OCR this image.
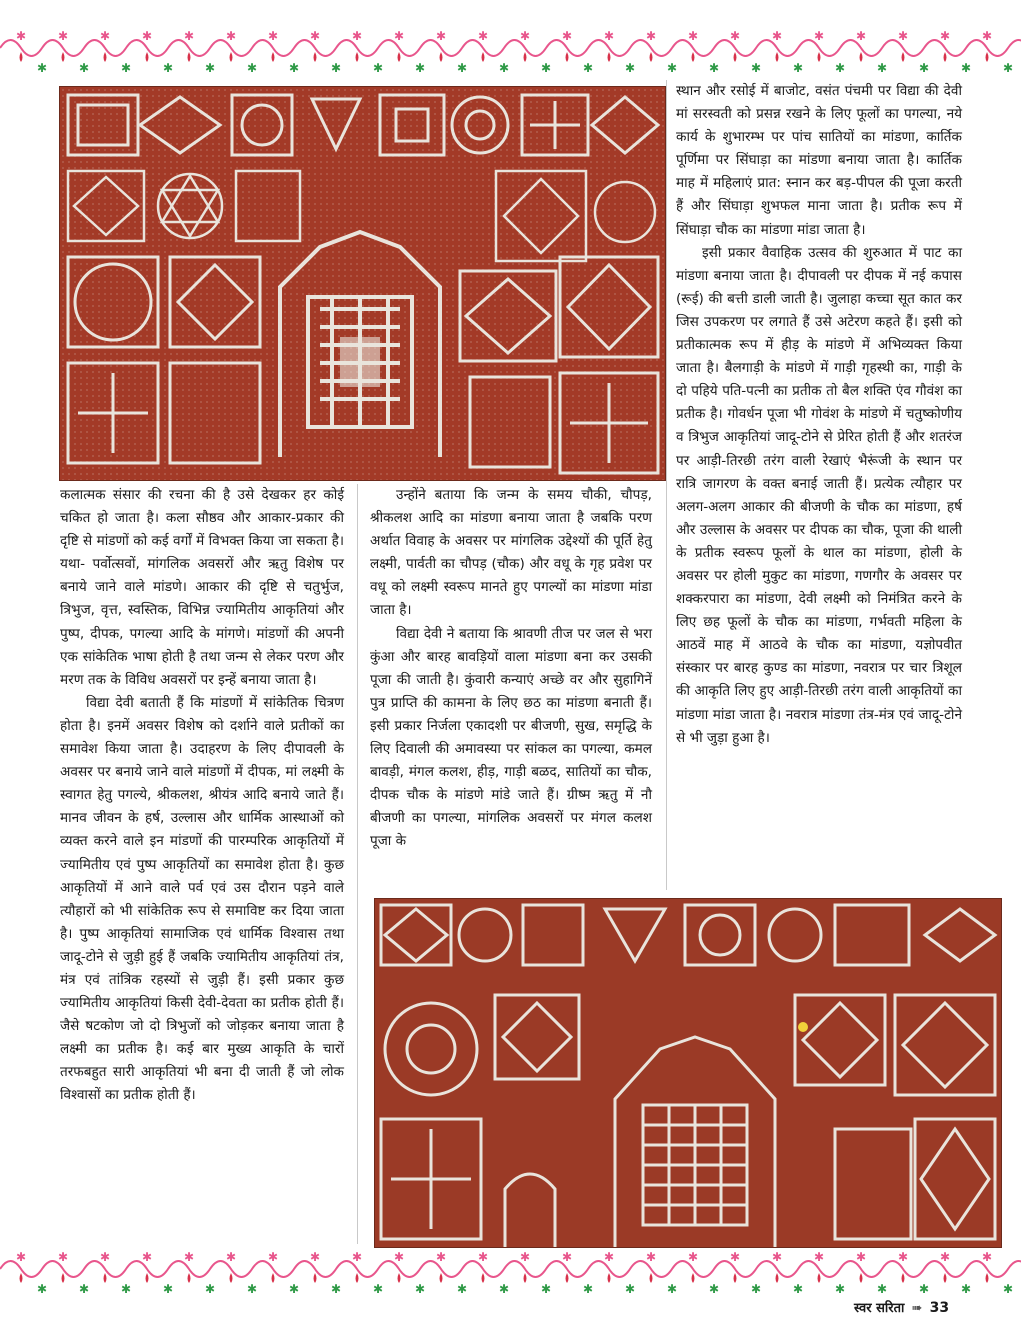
✱
✱
✱
✱
✱
✱
✱
✱
✱
✱
✱
✱
✱
✱
✱
✱
✱
✱
✱
✱
✱
✱
✱
✱
✱
✱
✱
✱
✱
✱
✱
✱
✱
✱
✱
✱
✱
✱
✱
✱
✱
✱
✱
✱
✱
✱
✱
✱

कलात्मक संसार की रचना की है उसे देखकर हर कोई चकित हो जाता है। कला सौष्ठव और आकार-प्रकार की दृष्टि से मांडणों को कई वर्गों में विभक्त किया जा सकता है। यथा- पर्वोत्सवों, मांगलिक अवसरों और ऋतु विशेष पर बनाये जाने वाले मांडणे। आकार की दृष्टि से चतुर्भुज, त्रिभुज, वृत्त, स्वस्तिक, विभिन्न ज्यामितीय आकृतियां और पुष्प, दीपक, पगल्या आदि के मांगणे। मांडणों की अपनी एक सांकेतिक भाषा होती है तथा जन्म से लेकर परण और मरण तक के विविध अवसरों पर इन्हें बनाया जाता है।

विद्या देवी बताती हैं कि मांडणों में सांकेतिक चित्रण होता है। इनमें अवसर विशेष को दर्शाने वाले प्रतीकों का समावेश किया जाता है। उदाहरण के लिए दीपावली के अवसर पर बनाये जाने वाले मांडणों में दीपक, मां लक्ष्मी के स्वागत हेतु पगल्ये, श्रीकलश, श्रीयंत्र आदि बनाये जाते हैं। मानव जीवन के हर्ष, उल्लास और धार्मिक आस्थाओं को व्यक्त करने वाले इन मांडणों की पारम्परिक आकृतियों में ज्यामितीय एवं पुष्प आकृतियों का समावेश होता है। कुछ आकृतियों में आने वाले पर्व एवं उस दौरान पड़ने वाले त्यौहारों को भी सांकेतिक रूप से समाविष्ट कर दिया जाता है। पुष्प आकृतियां सामाजिक एवं धार्मिक विश्वास तथा जादू-टोने से जुड़ी हुई हैं जबकि ज्यामितीय आकृतियां तंत्र, मंत्र एवं तांत्रिक रहस्यों से जुड़ी हैं। इसी प्रकार कुछ ज्यामितीय आकृतियां किसी देवी-देवता का प्रतीक होती हैं। जैसे षटकोण जो दो त्रिभुजों को जोड़कर बनाया जाता है लक्ष्मी का प्रतीक है। कई बार मुख्य आकृति के चारों तरफबहुत सारी आकृतियां भी बना दी जाती हैं जो लोक विश्वासों का प्रतीक होती हैं।

उन्होंने बताया कि जन्म के समय चौकी, चौपड़, श्रीकलश आदि का मांडणा बनाया जाता है जबकि परण अर्थात विवाह के अवसर पर मांगलिक उद्देश्यों की पूर्ति हेतु लक्ष्मी, पार्वती का चौपड़ (चौक) और वधू के गृह प्रवेश पर वधू को लक्ष्मी स्वरूप मानते हुए पगल्यों का मांडणा मांडा जाता है।

विद्या देवी ने बताया कि श्रावणी तीज पर जल से भरा कुंआ और बारह बावड़ियों वाला मांडणा बना कर उसकी पूजा की जाती है। कुंवारी कन्याएं अच्छे वर और सुहागिनें पुत्र प्राप्ति की कामना के लिए छठ का मांडणा बनाती हैं। इसी प्रकार निर्जला एकादशी पर बीजणी, सुख, समृद्धि के लिए दिवाली की अमावस्या पर सांकल का पगल्या, कमल बावड़ी, मंगल कलश, हीड़, गाड़ी बळद, सातियों का चौक, दीपक चौक के मांडणे मांडे जाते हैं। ग्रीष्म ऋतु में नौ बीजणी का पगल्या, मांगलिक अवसरों पर मंगल कलश पूजा के

स्थान और रसोई में बाजोट, वसंत पंचमी पर विद्या की देवी मां सरस्वती को प्रसन्न रखने के लिए फूलों का पगल्या, नये कार्य के शुभारम्भ पर पांच सातियों का मांडणा, कार्तिक पूर्णिमा पर सिंघाड़ा का मांडणा बनाया जाता है। कार्तिक माह में महिलाएं प्रात: स्नान कर बड़-पीपल की पूजा करती हैं और सिंघाड़ा शुभफल माना जाता है। प्रतीक रूप में सिंघाड़ा चौक का मांडणा मांडा जाता है।

इसी प्रकार वैवाहिक उत्सव की शुरुआत में पाट का मांडणा बनाया जाता है। दीपावली पर दीपक में नई कपास (रूई) की बत्ती डाली जाती है। जुलाहा कच्चा सूत कात कर जिस उपकरण पर लगाते हैं उसे अटेरण कहते हैं। इसी को प्रतीकात्मक रूप में हीड़ के मांडणे में अभिव्यक्त किया जाता है। बैलगाड़ी के मांडणे में गाड़ी गृहस्थी का, गाड़ी के दो पहिये पति-पत्नी का प्रतीक तो बैल शक्ति एंव गौवंश का प्रतीक है। गोवर्धन पूजा भी गोवंश के मांडणे में चतुष्कोणीय व त्रिभुज आकृतियां जादू-टोने से प्रेरित होती हैं और शतरंज पर आड़ी-तिरछी तरंग वाली रेखाएं भैरूंजी के स्थान पर रात्रि जागरण के वक्त बनाई जाती हैं। प्रत्येक त्यौहार पर अलग-अलग आकार की बीजणी के चौक का मांडणा, हर्ष और उल्लास के अवसर पर दीपक का चौक, पूजा की थाली के प्रतीक स्वरूप फूलों के थाल का मांडणा, होली के अवसर पर होली मुकुट का मांडणा, गणगौर के अवसर पर शक्करपारा का मांडणा, देवी लक्ष्मी को निमंत्रित करने के लिए छह फूलों के चौक का मांडणा, गर्भवती महिला के आठवें माह में आठवे के चौक का मांडणा, यज्ञोपवीत संस्कार पर बारह कुण्ड का मांडणा, नवरात्र पर चार त्रिशूल की आकृति लिए हुए आड़ी-तिरछी तरंग वाली आकृतियों का मांडणा मांडा जाता है। नवरात्र मांडणा तंत्र-मंत्र एवं जादू-टोने से भी जुड़ा हुआ है।

✱
✱
✱
✱
✱
✱
✱
✱
✱
✱
✱
✱
✱
✱
✱
✱
✱
✱
✱
✱
✱
✱
✱
✱
✱
✱
✱
✱
✱
✱
✱
✱
✱
✱
✱
✱
✱
✱
✱
✱
✱
✱
✱
✱
✱
✱
✱
✱
स्वर सरिता ➠ 33
